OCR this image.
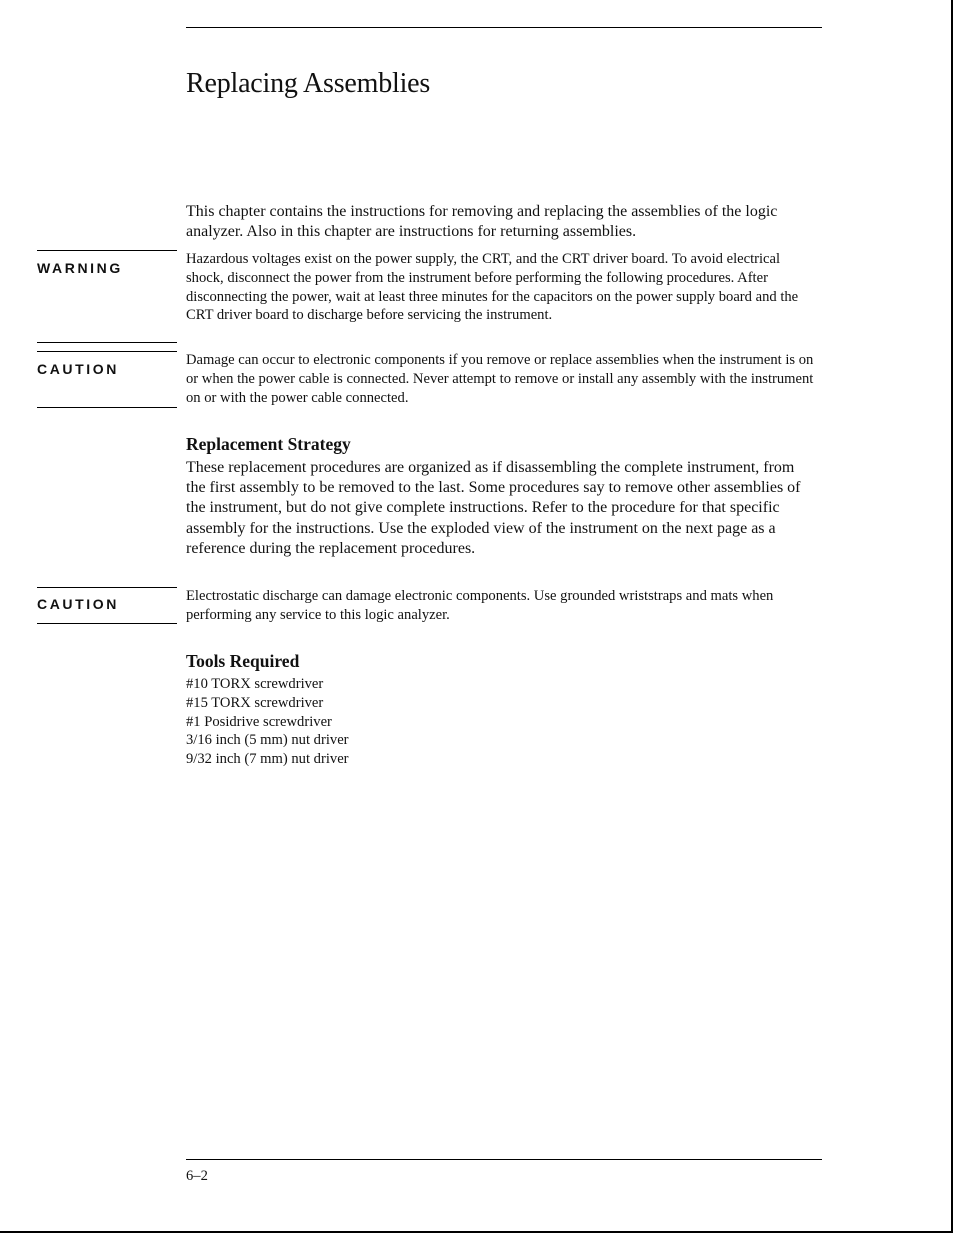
Replacing Assemblies

This chapter contains the instructions for removing and replacing the assemblies of the logic analyzer. Also in this chapter are instructions for returning assemblies.

WARNING

Hazardous voltages exist on the power supply, the CRT, and the CRT driver board. To avoid electrical shock, disconnect the power from the instrument before performing the following procedures. After disconnecting the power, wait at least three minutes for the capacitors on the power supply board and the CRT driver board to discharge before servicing the instrument.

CAUTION

Damage can occur to electronic components if you remove or replace assemblies when the instrument is on or when the power cable is connected. Never attempt to remove or install any assembly with the instrument on or with the power cable connected.

Replacement Strategy

These replacement procedures are organized as if disassembling the complete instrument, from the first assembly to be removed to the last. Some procedures say to remove other assemblies of the instrument, but do not give complete instructions. Refer to the procedure for that specific assembly for the instructions. Use the exploded view of the instrument on the next page as a reference during the replacement procedures.

CAUTION	Electrostatic discharge can damage electronic components. Use grounded wriststraps and mats when performing any service to this logic analyzer.

Tools Required
#10 TORX screwdriver
#15 TORX screwdriver
#1 Posidrive screwdriver
3/16 inch (5 mm) nut driver
9/32 inch (7 mm) nut driver
6–2
